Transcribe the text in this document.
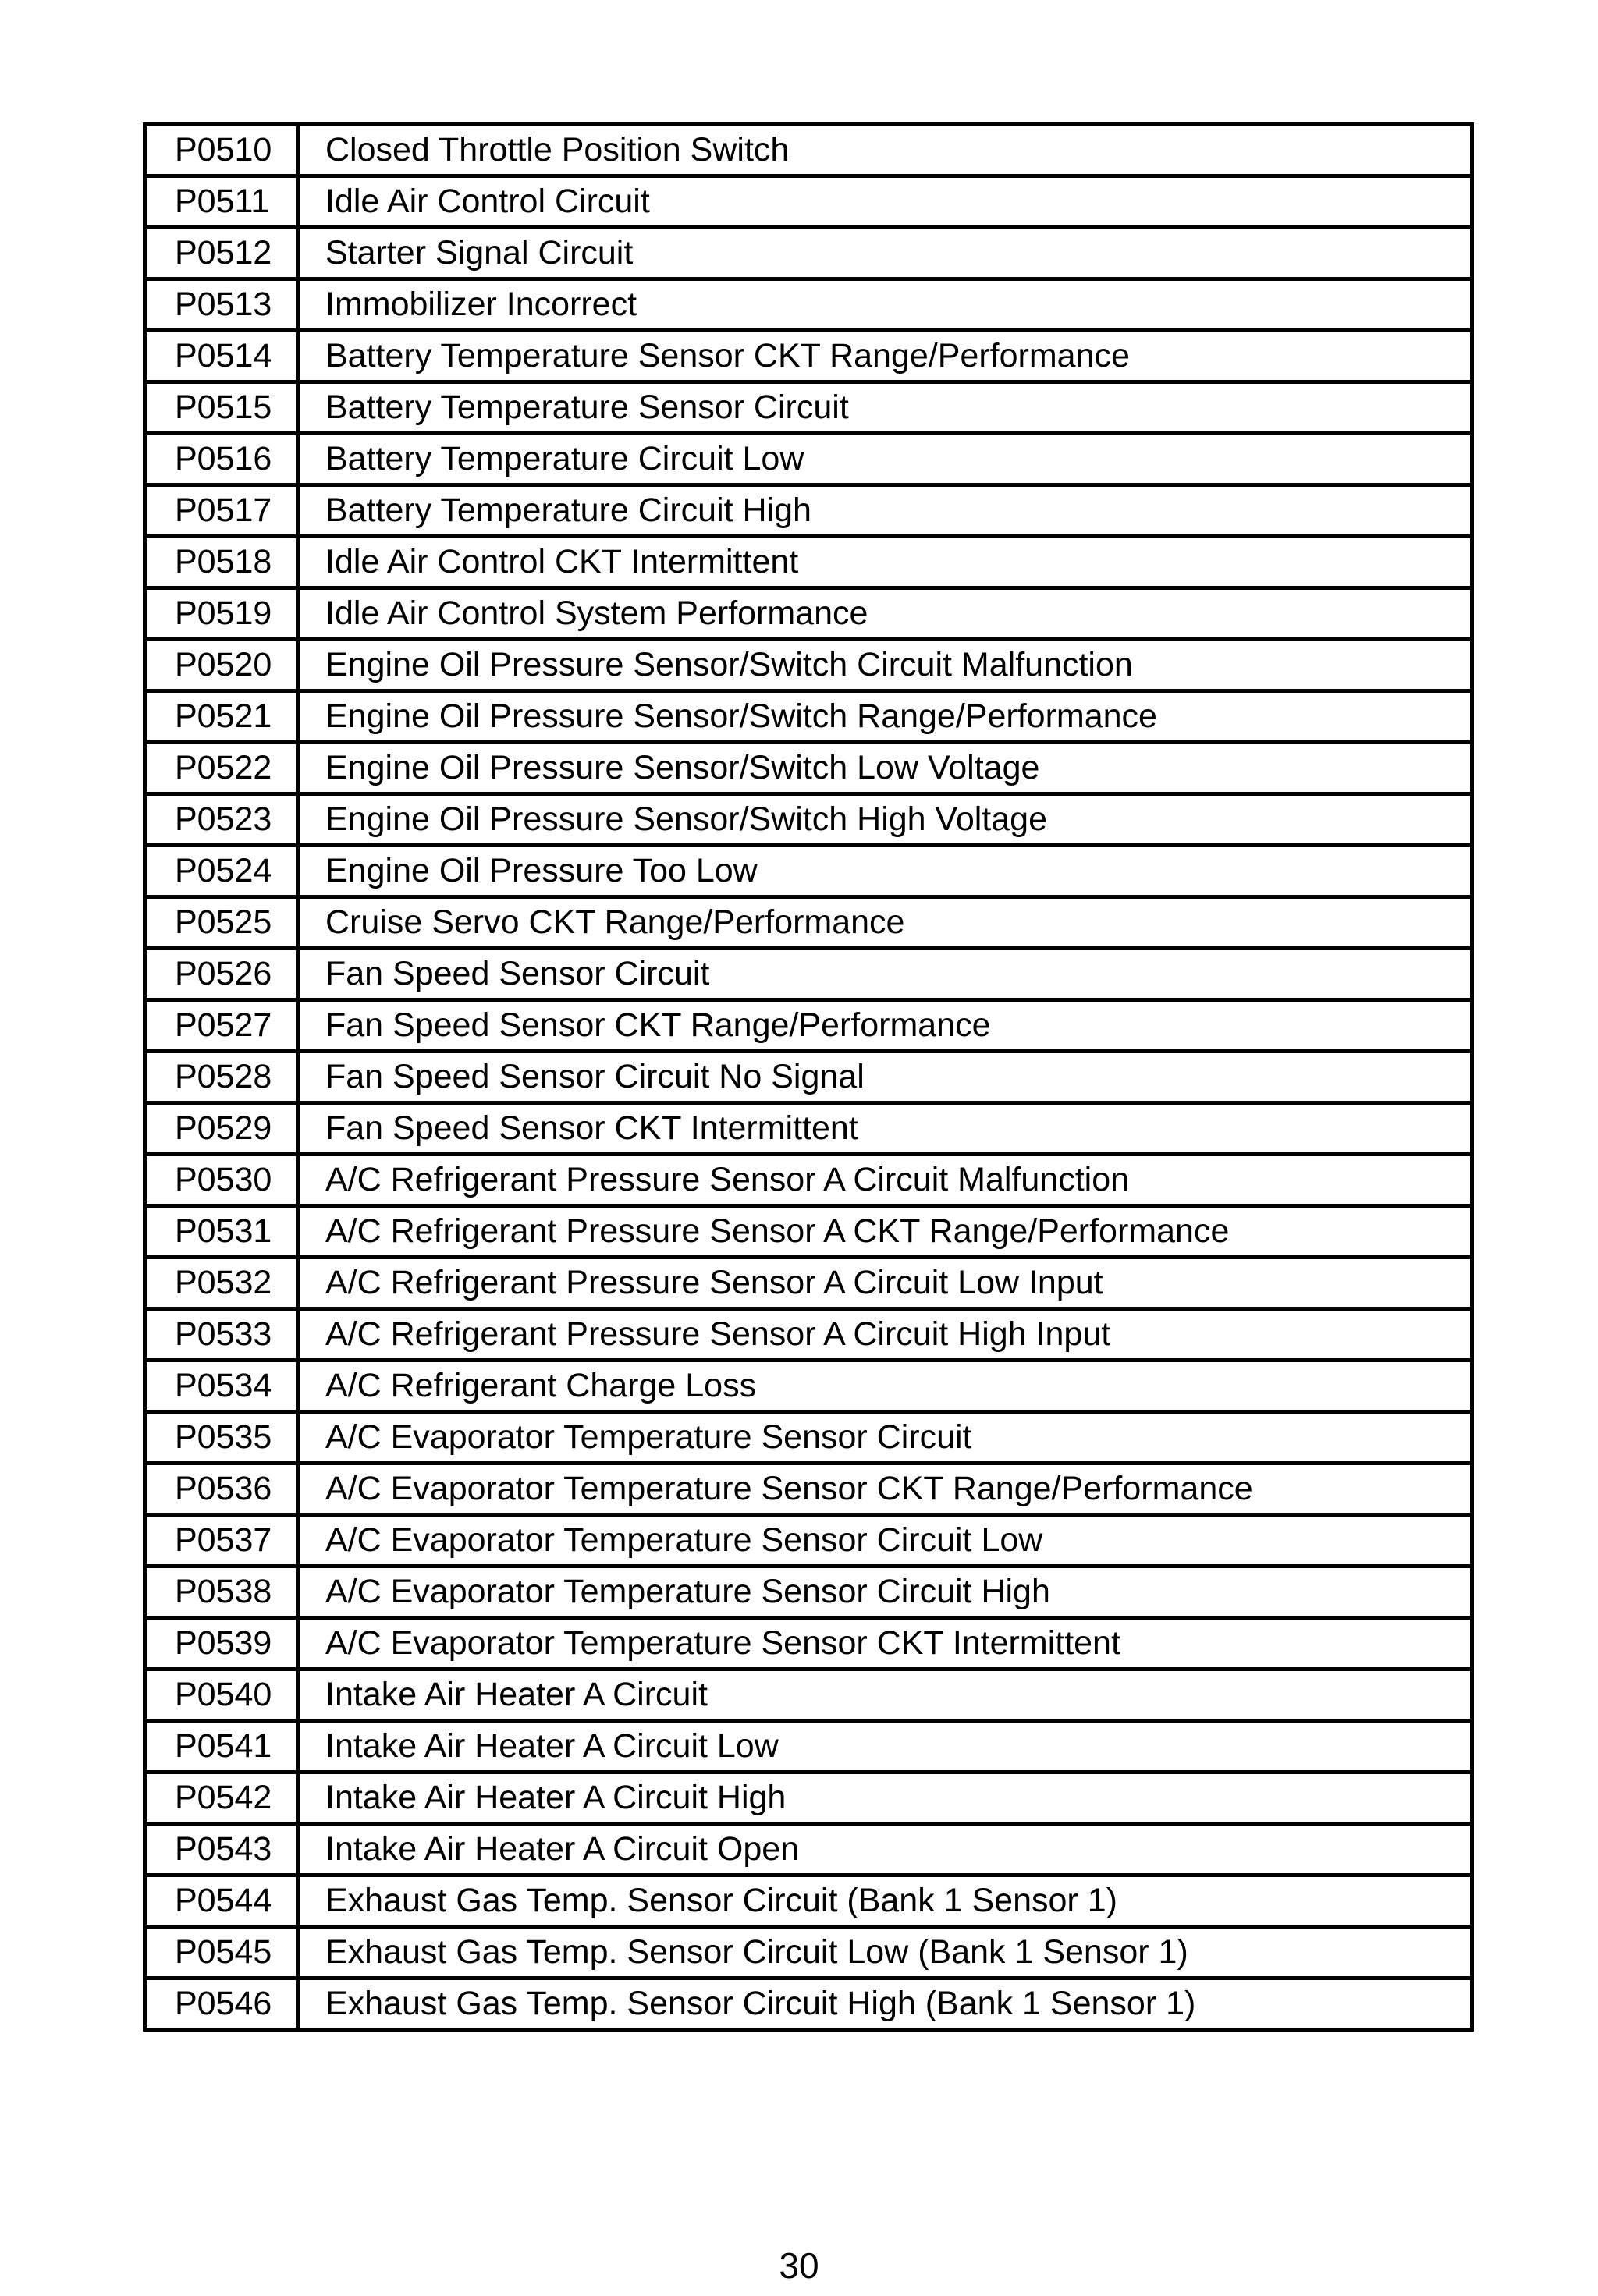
P0510	Closed Throttle Position Switch
P0511	Idle Air Control Circuit
P0512	Starter Signal Circuit
P0513	Immobilizer Incorrect
P0514	Battery Temperature Sensor CKT Range/Performance
P0515	Battery Temperature Sensor Circuit
P0516	Battery Temperature Circuit Low
P0517	Battery Temperature Circuit High
P0518	Idle Air Control CKT Intermittent
P0519	Idle Air Control System Performance
P0520	Engine Oil Pressure Sensor/Switch Circuit Malfunction
P0521	Engine Oil Pressure Sensor/Switch Range/Performance
P0522	Engine Oil Pressure Sensor/Switch Low Voltage
P0523	Engine Oil Pressure Sensor/Switch High Voltage
P0524	Engine Oil Pressure Too Low
P0525	Cruise Servo CKT Range/Performance
P0526	Fan Speed Sensor Circuit
P0527	Fan Speed Sensor CKT Range/Performance
P0528	Fan Speed Sensor Circuit No Signal
P0529	Fan Speed Sensor CKT Intermittent
P0530	A/C Refrigerant Pressure Sensor A Circuit Malfunction
P0531	A/C Refrigerant Pressure Sensor A CKT Range/Performance
P0532	A/C Refrigerant Pressure Sensor A Circuit Low Input
P0533	A/C Refrigerant Pressure Sensor A Circuit High Input
P0534	A/C Refrigerant Charge Loss
P0535	A/C Evaporator Temperature Sensor Circuit
P0536	A/C Evaporator Temperature Sensor CKT Range/Performance
P0537	A/C Evaporator Temperature Sensor Circuit Low
P0538	A/C Evaporator Temperature Sensor Circuit High
P0539	A/C Evaporator Temperature Sensor CKT Intermittent
P0540	Intake Air Heater A Circuit
P0541	Intake Air Heater A Circuit Low
P0542	Intake Air Heater A Circuit High
P0543	Intake Air Heater A Circuit Open
P0544	Exhaust Gas Temp. Sensor Circuit (Bank 1 Sensor 1)
P0545	Exhaust Gas Temp. Sensor Circuit Low (Bank 1 Sensor 1)
P0546	Exhaust Gas Temp. Sensor Circuit High (Bank 1 Sensor 1)
30
